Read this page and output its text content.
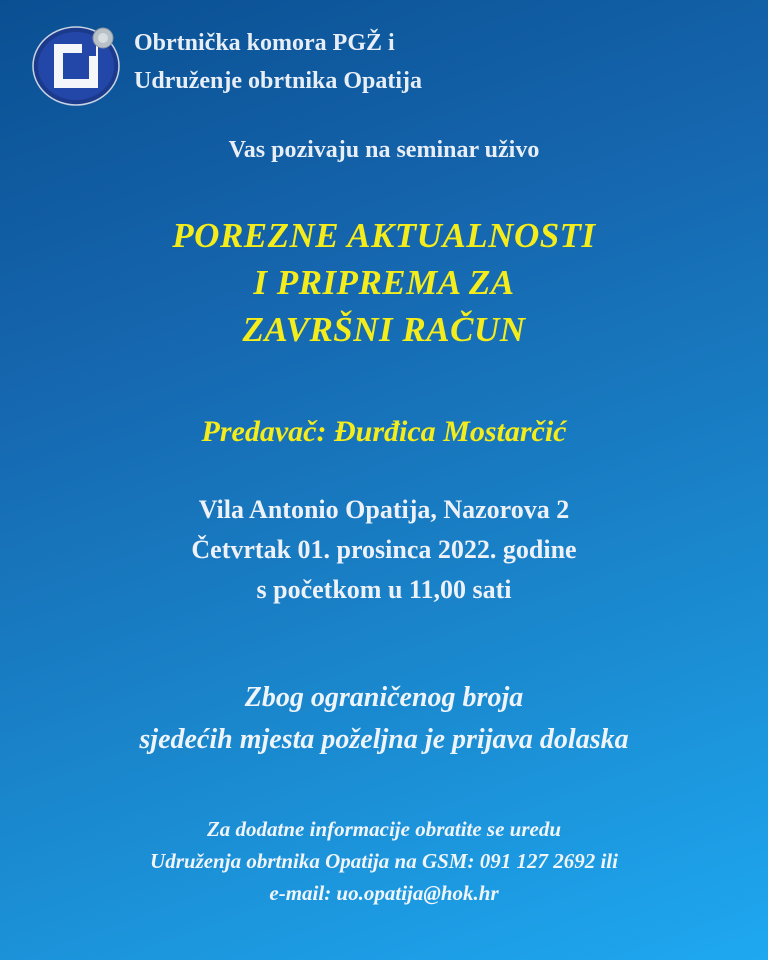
Obrtnička komora PGŽ i
Udruženje obrtnika Opatija
Vas pozivaju na seminar uživo
POREZNE AKTUALNOSTI
I PRIPREMA ZA
ZAVRŠNI RAČUN
Predavač: Đurđica Mostarčić
Vila Antonio Opatija, Nazorova 2
Četvrtak 01. prosinca 2022. godine
s početkom u 11,00 sati
Zbog ograničenog broja
sjedećih mjesta poželjna je prijava dolaska
Za dodatne informacije obratite se uredu
Udruženja obrtnika Opatija na GSM: 091 127 2692 ili
e-mail: uo.opatija@hok.hr
